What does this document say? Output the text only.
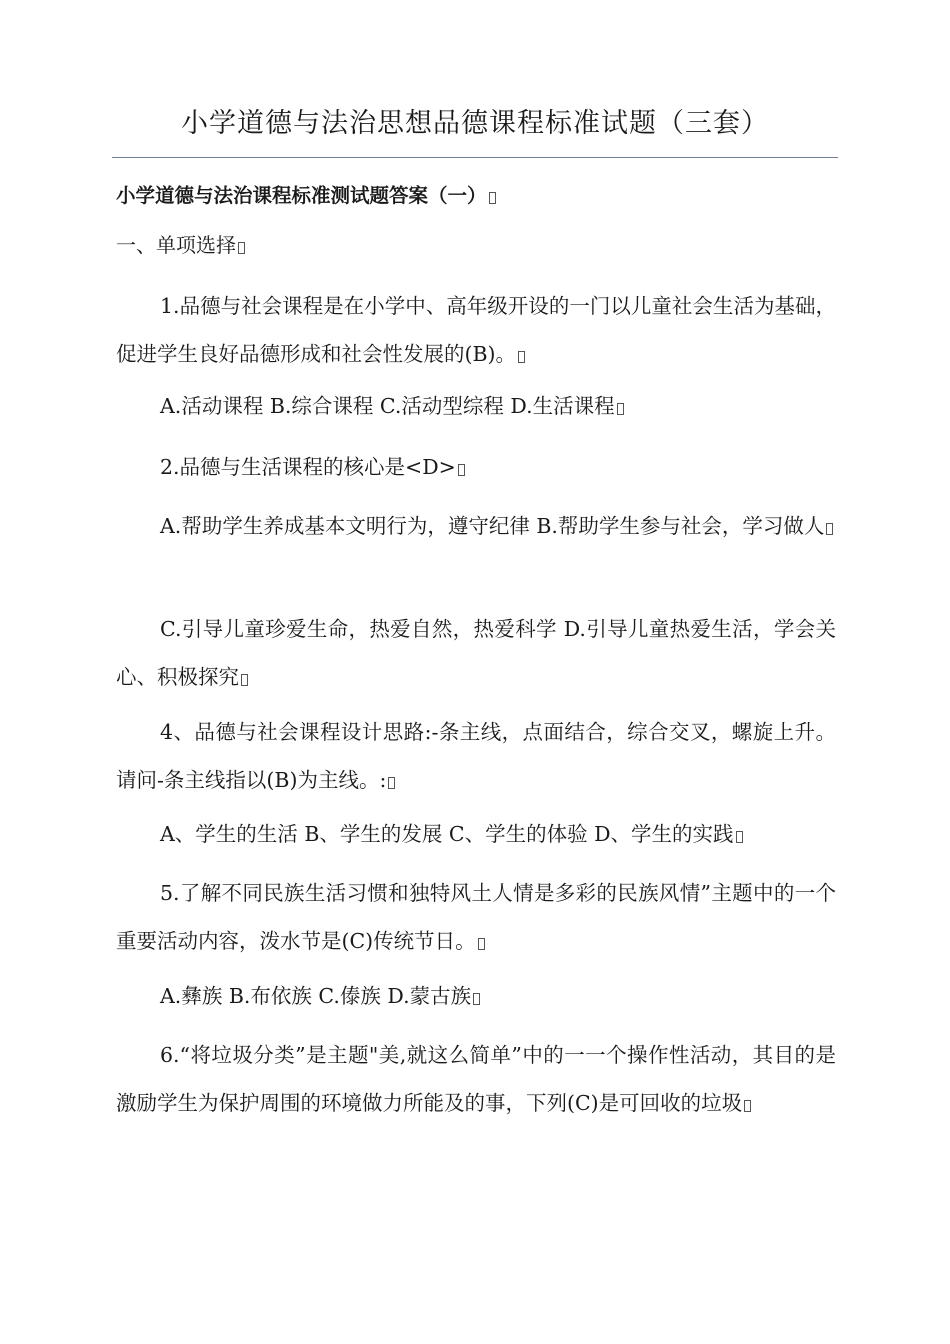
小学道德与法治思想品德课程标准试题（三套）
小学道德与法治课程标准测试题答案（一）
一、单项选择
1.品德与社会课程是在小学中、高年级开设的一门以儿童社会生活为基础，促进学生良好品德形成和社会性发展的(B)。
A.活动课程 B.综合课程 C.活动型综程 D.生活课程
2.品德与生活课程的核心是<D>
A.帮助学生养成基本文明行为，遵守纪律 B.帮助学生参与社会，学习做人
C.引导儿童珍爱生命，热爱自然，热爱科学 D.引导儿童热爱生活，学会关心、积极探究
4、品德与社会课程设计思路:-条主线，点面结合，综合交叉，螺旋上升。请问-条主线指以(B)为主线。:
A、学生的生活 B、学生的发展 C、学生的体验 D、学生的实践
5.了解不同民族生活习惯和独特风土人情是多彩的民族风情”主题中的一个重要活动内容，泼水节是(C)传统节日。
A.彝族 B.布依族 C.傣族 D.蒙古族
6.“将垃圾分类”是主题"美,就这么简单”中的一一个操作性活动，其目的是激励学生为保护周围的环境做力所能及的事，下列(C)是可回收的垃圾
